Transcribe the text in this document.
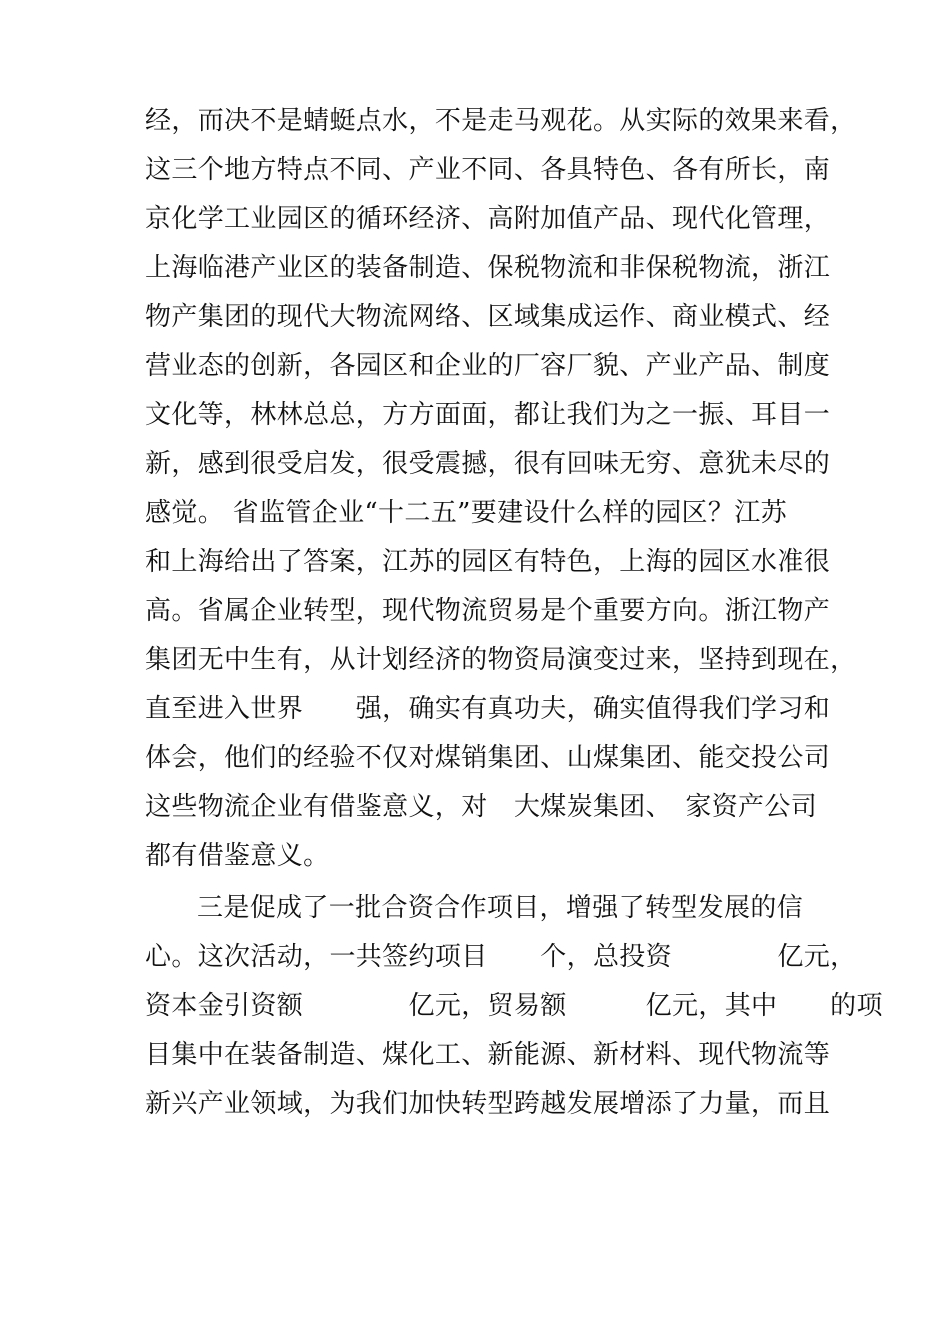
经，而决不是蜻蜓点水，不是走马观花。从实际的效果来看，
这三个地方特点不同、产业不同、各具特色、各有所长，南
京化学工业园区的循环经济、高附加值产品、现代化管理，
上海临港产业区的装备制造、保税物流和非保税物流，浙江
物产集团的现代大物流网络、区域集成运作、商业模式、经
营业态的创新，各园区和企业的厂容厂貌、产业产品、制度
文化等，林林总总，方方面面，都让我们为之一振、耳目一
新，感到很受启发，很受震撼，很有回味无穷、意犹未尽的
感觉。 省监管企业“十二五”要建设什么样的园区？江苏
和上海给出了答案，江苏的园区有特色，上海的园区水准很
高。省属企业转型，现代物流贸易是个重要方向。浙江物产
集团无中生有，从计划经济的物资局演变过来，坚持到现在，
直至进入世界　　强，确实有真功夫，确实值得我们学习和
体会，他们的经验不仅对煤销集团、山煤集团、能交投公司
这些物流企业有借鉴意义，对　大煤炭集团、　家资产公司
都有借鉴意义。
三是促成了一批合资合作项目，增强了转型发展的信
心。这次活动，一共签约项目　　个，总投资　　　　亿元，
资本金引资额　　　　亿元，贸易额　　　亿元，其中　　的项
目集中在装备制造、煤化工、新能源、新材料、现代物流等
新兴产业领域，为我们加快转型跨越发展增添了力量，而且
